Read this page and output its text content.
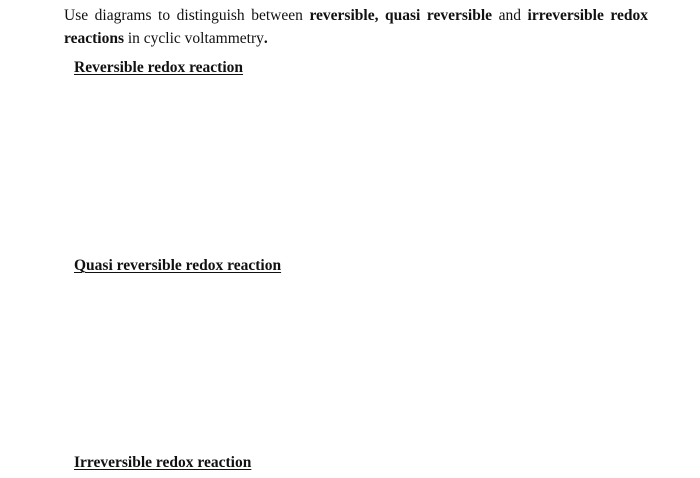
Use diagrams to distinguish between reversible, quasi reversible and irreversible redox reactions in cyclic voltammetry.

Reversible redox reaction

Quasi reversible redox reaction

Irreversible redox reaction
